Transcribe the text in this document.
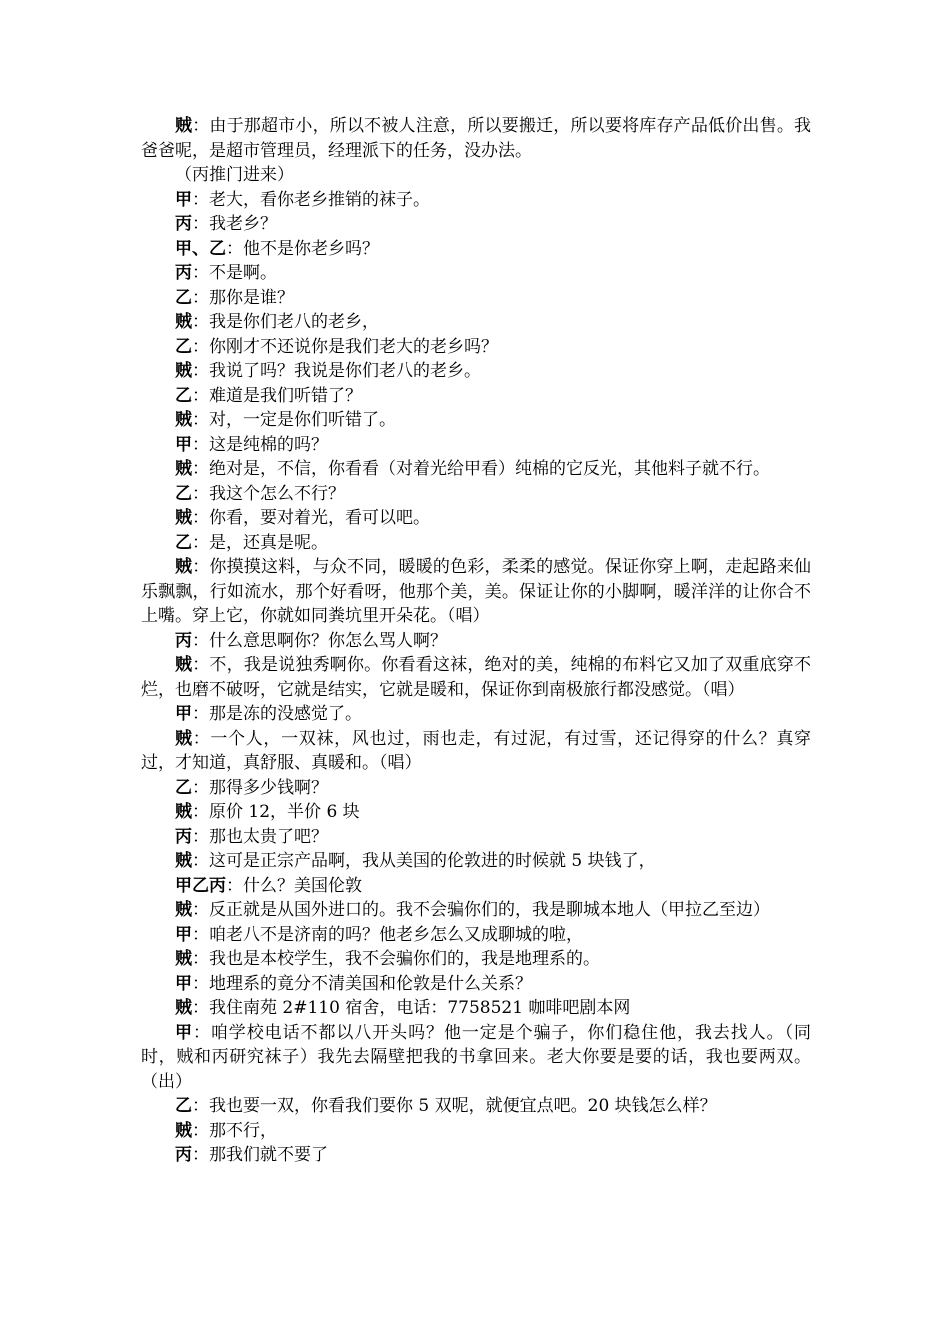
贼：由于那超市小，所以不被人注意，所以要搬迁，所以要将库存产品低价出售。我爸爸呢，是超市管理员，经理派下的任务，没办法。

（丙推门进来）

甲：老大，看你老乡推销的袜子。

丙：我老乡？

甲、乙：他不是你老乡吗？

丙：不是啊。

乙：那你是谁？

贼：我是你们老八的老乡，

乙：你刚才不还说你是我们老大的老乡吗？

贼：我说了吗？我说是你们老八的老乡。

乙：难道是我们听错了？

贼：对，一定是你们听错了。

甲：这是纯棉的吗？

贼：绝对是，不信，你看看（对着光给甲看）纯棉的它反光，其他料子就不行。

乙：我这个怎么不行？

贼：你看，要对着光，看可以吧。

乙：是，还真是呢。

贼：你摸摸这料，与众不同，暖暖的色彩，柔柔的感觉。保证你穿上啊，走起路来仙乐飘飘，行如流水，那个好看呀，他那个美，美。保证让你的小脚啊，暖洋洋的让你合不上嘴。穿上它，你就如同粪坑里开朵花。（唱）

丙：什么意思啊你？你怎么骂人啊？

贼：不，我是说独秀啊你。你看看这袜，绝对的美，纯棉的布料它又加了双重底穿不烂，也磨不破呀，它就是结实，它就是暖和，保证你到南极旅行都没感觉。（唱）

甲：那是冻的没感觉了。

贼：一个人，一双袜，风也过，雨也走，有过泥，有过雪，还记得穿的什么？真穿过，才知道，真舒服、真暖和。（唱）

乙：那得多少钱啊？

贼：原价 12，半价 6 块

丙：那也太贵了吧？

贼：这可是正宗产品啊，我从美国的伦敦进的时候就 5 块钱了，

甲乙丙：什么？美国伦敦

贼：反正就是从国外进口的。我不会骗你们的，我是聊城本地人（甲拉乙至边）

甲：咱老八不是济南的吗？他老乡怎么又成聊城的啦，

贼：我也是本校学生，我不会骗你们的，我是地理系的。

甲：地理系的竟分不清美国和伦敦是什么关系？

贼：我住南苑 2#110 宿舍，电话：7758521 咖啡吧剧本网

甲：咱学校电话不都以八开头吗？他一定是个骗子，你们稳住他，我去找人。（同时，贼和丙研究袜子）我先去隔壁把我的书拿回来。老大你要是要的话，我也要两双。（出）

乙：我也要一双，你看我们要你 5 双呢，就便宜点吧。20 块钱怎么样？

贼：那不行，

丙：那我们就不要了
